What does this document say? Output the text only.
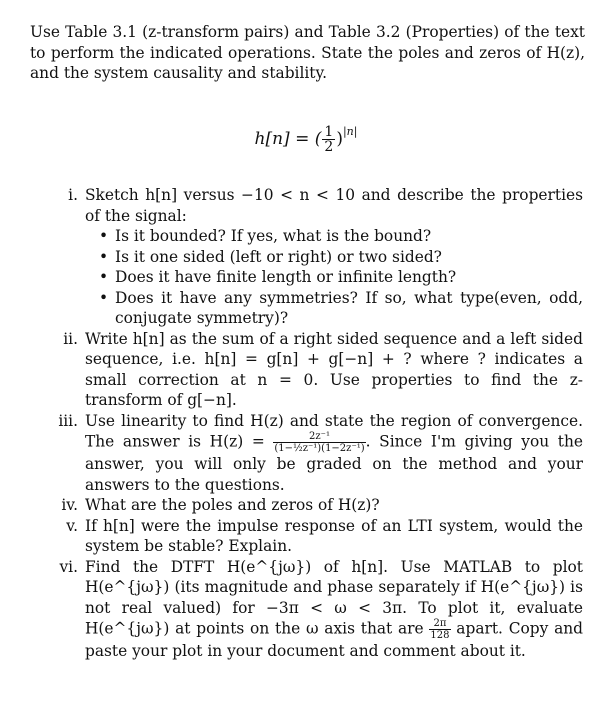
Use Table 3.1 (z-transform pairs) and Table 3.2 (Properties) of the text to perform the indicated operations. State the poles and zeros of H(z), and the system causality and stability.
h[n] = ( $\frac{1}{2} )^{|n|}$
i. Sketch h[n] versus −10 < n < 10 and describe the properties of the signal:
• Is it bounded? If yes, what is the bound?
• Is it one sided (left or right) or two sided?
• Does it have finite length or infinite length?
• Does it have any symmetries? If so, what type(even, odd, conjugate symmetry)?
ii. Write h[n] as the sum of a right sided sequence and a left sided sequence, i.e. h[n] = g[n] + g[−n] + ? where ? indicates a small correction at n = 0. Use properties to find the z-transform of g[−n].
iii. Use linearity to find H(z) and state the region of convergence. The answer is $H(z) = \frac{\text{2z⁻¹}}{\text{(1−½z⁻¹)(1−2z⁻¹)}}$ . Since I'm giving you the answer, you will only be graded on the method and your answers to the questions.
iv. What are the poles and zeros of H(z)?
v. If h[n] were the impulse response of an LTI system, would the system be stable? Explain.
vi. Find the DTFT H(e^{jω}) of h[n]. Use MATLAB to plot H(e^{jω}) (its magnitude and phase separately if H(e^{jω}) is not real valued) for −3π < ω < 3π. To plot it, evaluate H(e^{jω}) at points on the ω axis that are $\frac{2\pi}{128}$ apart. Copy and paste your plot in your document and comment about it.
